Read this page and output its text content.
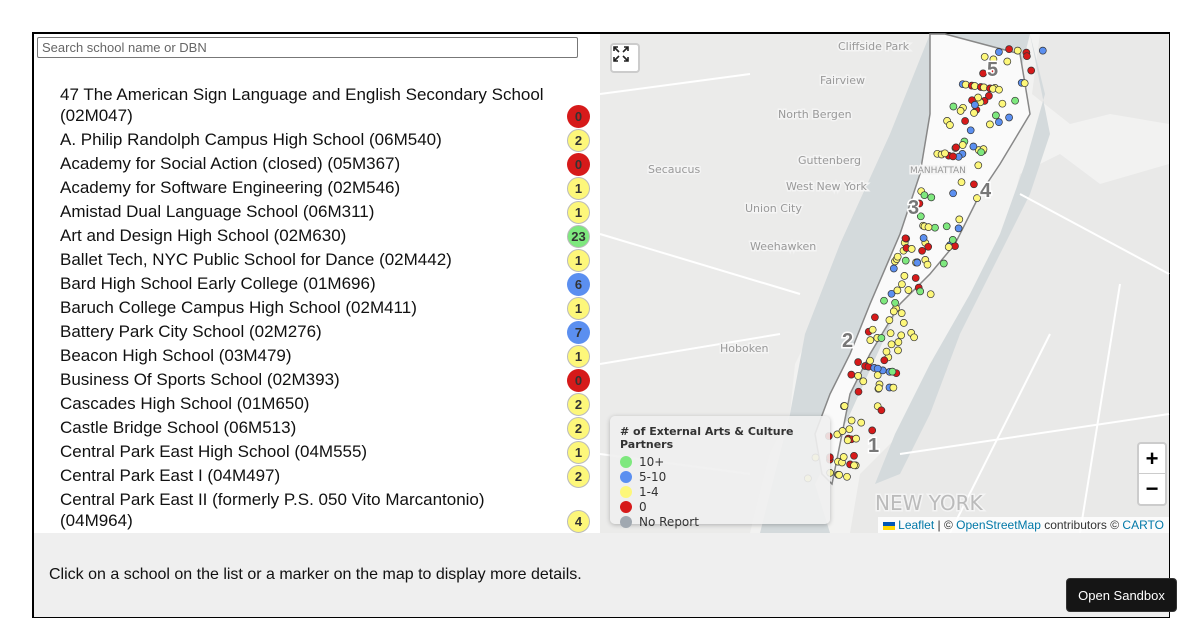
Search school name or DBN
47 The American Sign Language and English Secondary School (02M047)	0
A. Philip Randolph Campus High School (06M540)	2
Academy for Social Action (closed) (05M367)	0
Academy for Software Engineering (02M546)	1
Amistad Dual Language School (06M311)	1
Art and Design High School (02M630)	23
Ballet Tech, NYC Public School for Dance (02M442)	1
Bard High School Early College (01M696)	6
Baruch College Campus High School (02M411)	1
Battery Park City School (02M276)	7
Beacon High School (03M479)	1
Business Of Sports School (02M393)	0
Cascades High School (01M650)	2
Castle Bridge School (06M513)	2
Central Park East High School (04M555)	1
Central Park East I (04M497)	2
Central Park East II (formerly P.S. 050 Vito Marcantonio) (04M964)	4
1
2
3
4
5
Cliffside Park
Fairview
North Bergen
Guttenberg
Secaucus
West New York
Union City
Weehawken
Hoboken
MANHATTAN
NEW YORK
# of External Arts & Culture Partners
10+
5-10
1-4
0
No Report
+
−
Leaflet | © OpenStreetMap contributors © CARTO
Click on a school on the list or a marker on the map to display more details.
Open Sandbox
